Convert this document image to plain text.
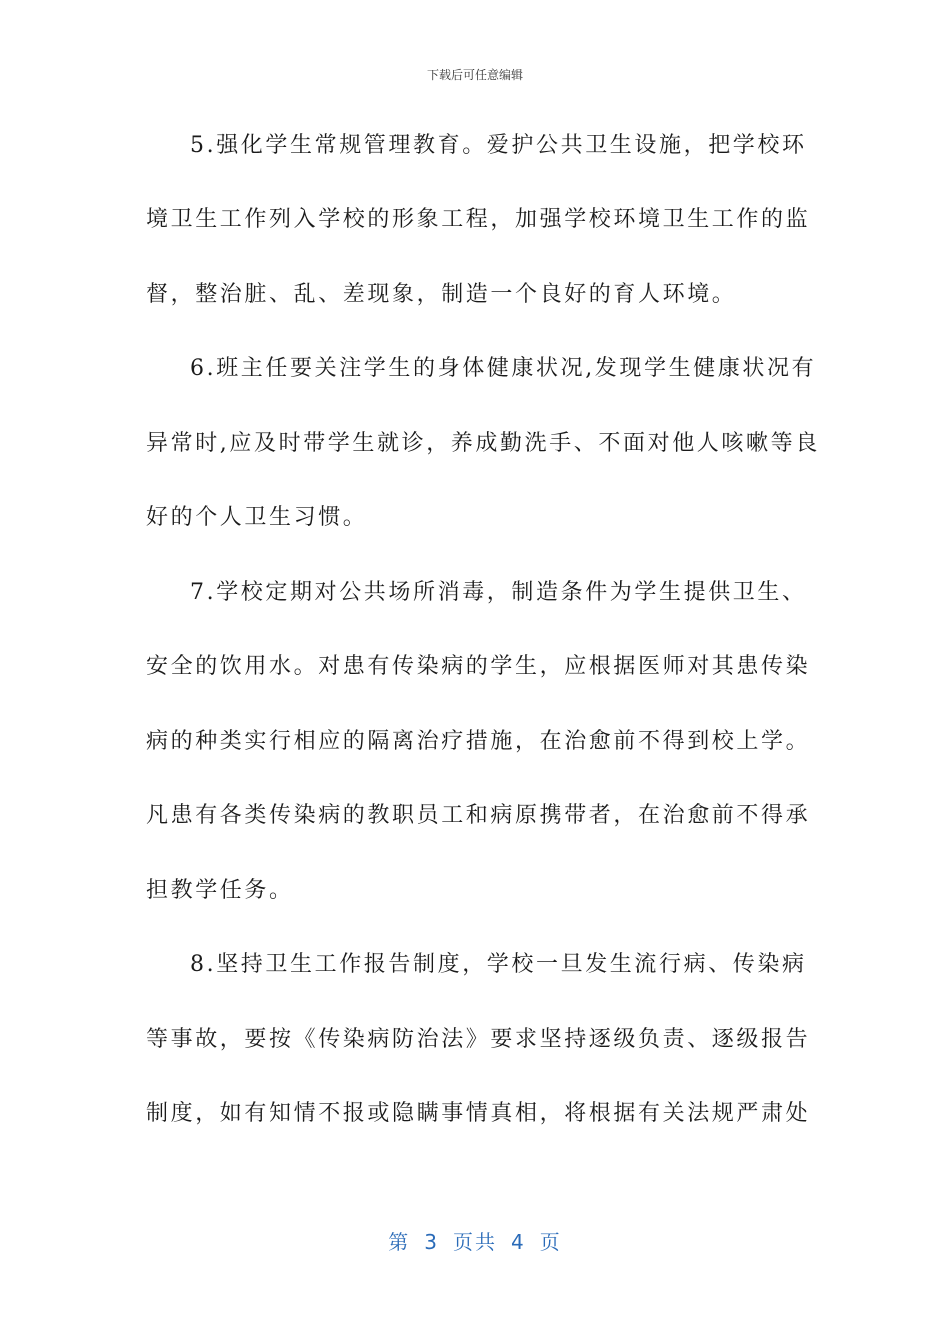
下载后可任意编辑
5.强化学生常规管理教育。爱护公共卫生设施，把学校环
境卫生工作列入学校的形象工程，加强学校环境卫生工作的监
督，整治脏、乱、差现象，制造一个良好的育人环境。
6.班主任要关注学生的身体健康状况,发现学生健康状况有
异常时,应及时带学生就诊，养成勤洗手、不面对他人咳嗽等良
好的个人卫生习惯。
7.学校定期对公共场所消毒，制造条件为学生提供卫生、
安全的饮用水。对患有传染病的学生，应根据医师对其患传染
病的种类实行相应的隔离治疗措施，在治愈前不得到校上学。
凡患有各类传染病的教职员工和病原携带者，在治愈前不得承
担教学任务。
8.坚持卫生工作报告制度，学校一旦发生流行病、传染病
等事故，要按《传染病防治法》要求坚持逐级负责、逐级报告
制度，如有知情不报或隐瞒事情真相，将根据有关法规严肃处
第 3 页共 4 页
